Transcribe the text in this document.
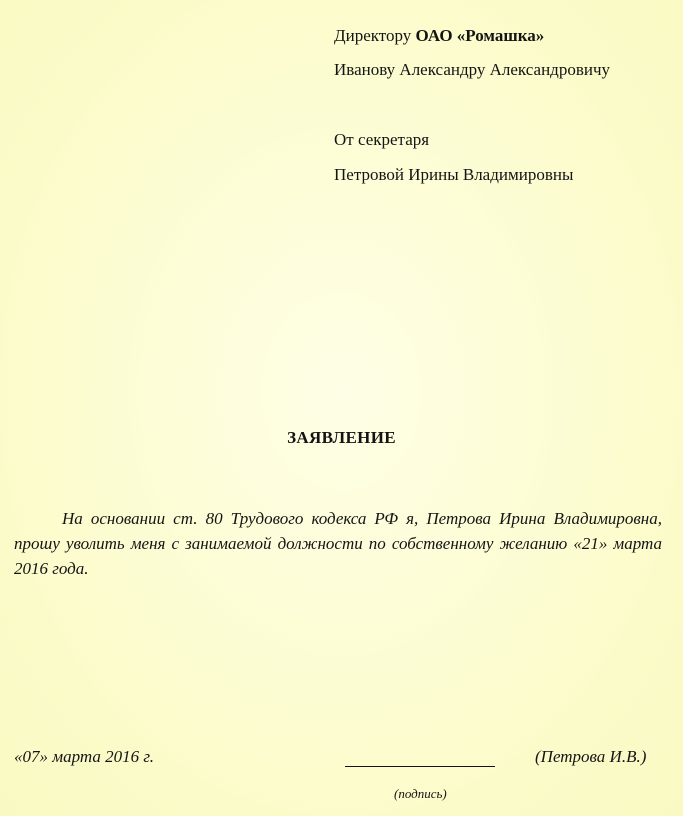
Директору ОАО «Ромашка»
Иванову Александру Александровичу
От секретаря
Петровой Ирины Владимировны
ЗАЯВЛЕНИЕ
На основании ст. 80 Трудового кодекса РФ я, Петрова Ирина Владимировна, прошу уволить меня с занимаемой должности по собственному желанию «21» марта 2016 года.
«07» марта 2016 г.	(Петрова И.В.)
(подпись)
